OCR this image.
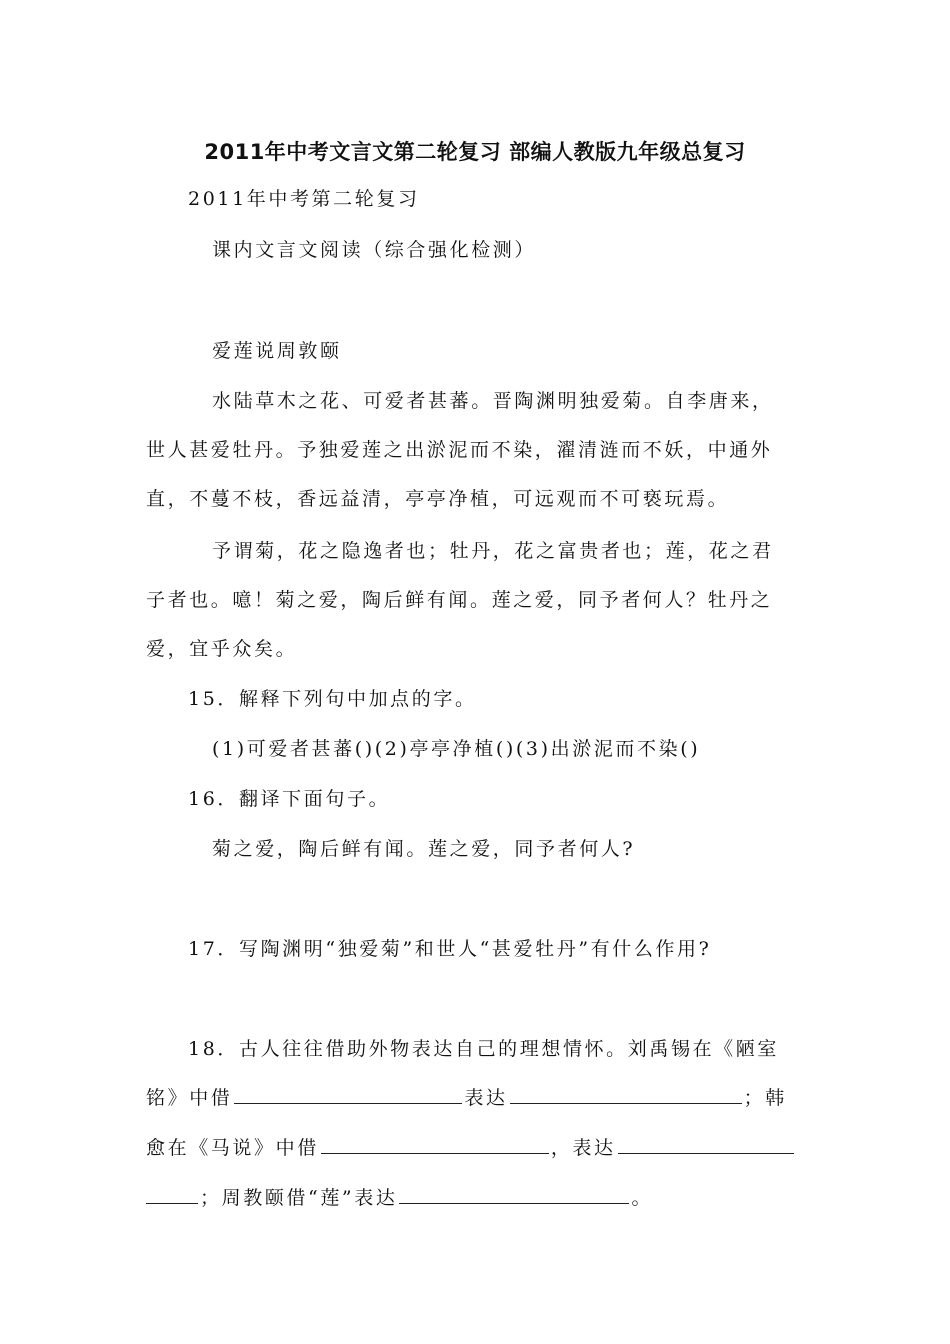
2011年中考文言文第二轮复习 部编人教版九年级总复习
2011年中考第二轮复习
课内文言文阅读（综合强化检测）
爱莲说周敦颐
水陆草木之花、可爱者甚蕃。晋陶渊明独爱菊。自李唐来，
世人甚爱牡丹。予独爱莲之出淤泥而不染，濯清涟而不妖，中通外
直，不蔓不枝，香远益清，亭亭净植，可远观而不可亵玩焉。
予谓菊，花之隐逸者也；牡丹，花之富贵者也；莲，花之君
子者也。噫！菊之爱，陶后鲜有闻。莲之爱，同予者何人？牡丹之
爱，宜乎众矣。
15．解释下列句中加点的字。
(1)可爱者甚蕃()(2)亭亭净植()(3)出淤泥而不染()
16．翻译下面句子。
菊之爱，陶后鲜有闻。莲之爱，同予者何人?
17．写陶渊明“独爱菊”和世人“甚爱牡丹”有什么作用?
18．古人往往借助外物表达自己的理想情怀。刘禹锡在《陋室
铭》中借	表达	；韩
愈在《马说》中借	，表达
；周教颐借“莲”表达	。
